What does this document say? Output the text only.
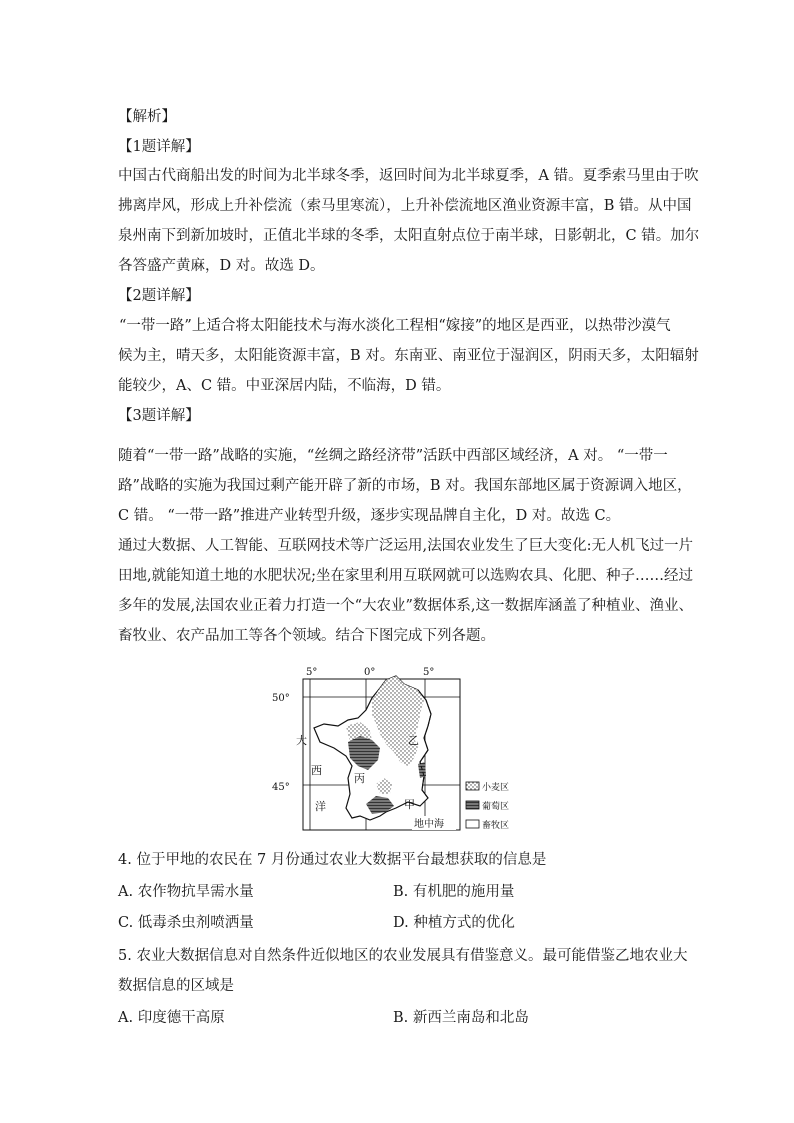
【解析】
【1题详解】
中国古代商船出发的时间为北半球冬季，返回时间为北半球夏季，A 错。夏季索马里由于吹
拂离岸风，形成上升补偿流（索马里寒流），上升补偿流地区渔业资源丰富，B 错。从中国
泉州南下到新加坡时，正值北半球的冬季，太阳直射点位于南半球，日影朝北，C 错。加尔
各答盛产黄麻，D 对。故选 D。
【2题详解】
“一带一路”上适合将太阳能技术与海水淡化工程相“嫁接”的地区是西亚，以热带沙漠气
候为主，晴天多，太阳能资源丰富，B 对。东南亚、南亚位于湿润区，阴雨天多，太阳辐射
能较少，A、C 错。中亚深居内陆，不临海，D 错。
【3题详解】
随着“一带一路”战略的实施，“丝绸之路经济带”活跃中西部区域经济，A 对。 “一带一
路”战略的实施为我国过剩产能开辟了新的市场，B 对。我国东部地区属于资源调入地区，
C 错。 “一带一路”推进产业转型升级，逐步实现品牌自主化，D 对。故选 C。
通过大数据、人工智能、互联网技术等广泛运用,法国农业发生了巨大变化:无人机飞过一片
田地,就能知道土地的水肥状况;坐在家里利用互联网就可以选购农具、化肥、种子……经过
多年的发展,法国农业正着力打造一个“大农业”数据体系,这一数据库涵盖了种植业、渔业、
畜牧业、农产品加工等各个领域。结合下图完成下列各题。
5°	0°	5°
50°
45°
大
西
洋
丙
乙
甲
地中海
小麦区
葡萄区
畜牧区
4. 位于甲地的农民在 7 月份通过农业大数据平台最想获取的信息是
A. 农作物抗旱需水量	B. 有机肥的施用量
C. 低毒杀虫剂喷洒量	D. 种植方式的优化
5. 农业大数据信息对自然条件近似地区的农业发展具有借鉴意义。最可能借鉴乙地农业大
数据信息的区域是
A. 印度德干高原	B. 新西兰南岛和北岛
